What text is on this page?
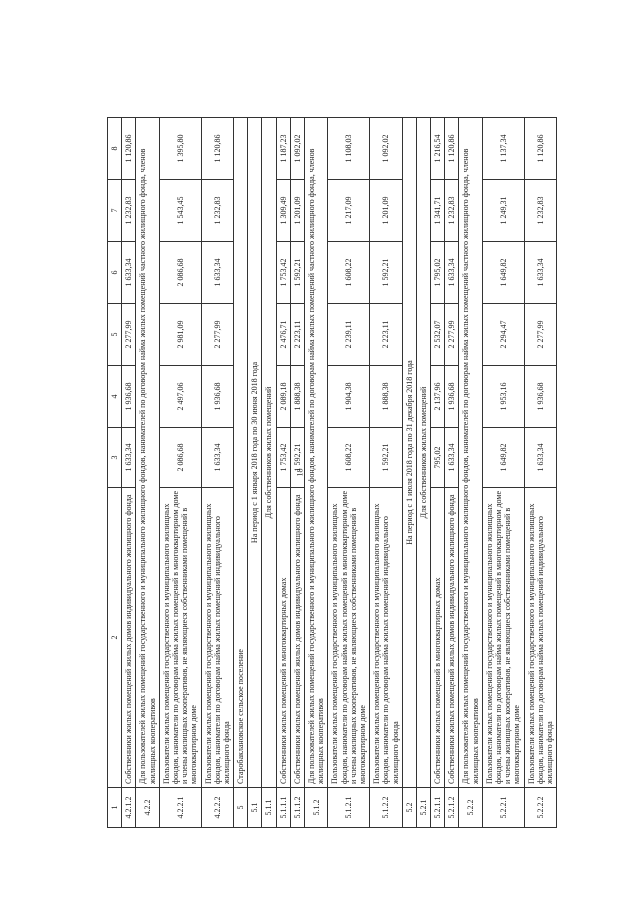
18
1	2	3	4	5	6	7	8
4.2.1.2	Собственники жилых помещений жилых домов индивидуального жилищного фонда	1 633,34	1 936,68	2 277,99	1 633,34	1 232,83	1 120,86
4.2.2	Для пользователей жилых помещений государственного и муниципального жилищного фондов, нанимателей по договорам найма жилых помещений частного жилищного фонда, членов жилищных кооперативов						
4.2.2.1	Пользователи жилых помещений государственного и муниципального жилищных фондов, наниматели по договорам найма жилых помещений в многоквартирном доме и члены жилищных кооперативов, не являющиеся собственниками помещений в многоквартирном доме	2 086,68	2 497,06	2 981,09	2 086,68	1 543,45	1 395,80
4.2.2.2	Пользователи жилых помещений государственного и муниципального жилищных фондов, наниматели по договорам найма жилых помещений индивидуального жилищного фонда	1 633,34	1 936,68	2 277,99	1 633,34	1 232,83	1 120,86
5	Старобаклановское сельское поселение						
5.1	На период с 1 января 2018 года по 30 июня 2018 года						
5.1.1	Для собственников жилых помещений						
5.1.1.1	Собственники жилых помещений в многоквартирных домах	1 753,42	2 089,18	2 476,71	1 753,42	1 309,49	1 187,23
5.1.1.2	Собственники жилых помещений жилых домов индивидуального жилищного фонда	1 592,21	1 888,38	2 223,11	1 592,21	1 201,09	1 092,02
5.1.2	Для пользователей жилых помещений государственного и муниципального жилищного фондов, нанимателей по договорам найма жилых помещений частного жилищного фонда, членов жилищных кооперативов						
5.1.2.1	Пользователи жилых помещений государственного и муниципального жилищных фондов, наниматели по договорам найма жилых помещений в многоквартирном доме и члены жилищных кооперативов, не являющиеся собственниками помещений в многоквартирном доме	1 608,22	1 904,38	2 239,11	1 608,22	1 217,09	1 108,03
5.1.2.2	Пользователи жилых помещений государственного и муниципального жилищных фондов, наниматели по договорам найма жилых помещений индивидуального жилищного фонда	1 592,21	1 888,38	2 223,11	1 592,21	1 201,09	1 092,02
5.2	На период с 1 июля 2018 года по 31 декабря 2018 года						
5.2.1	Для собственников жилых помещений						
5.2.1.1	Собственники жилых помещений в многоквартирных домах	795,02	2 137,96	2 532,07	1 795,02	1 341,71	1 216,54
5.2.1.2	Собственники жилых помещений жилых домов индивидуального жилищного фонда	1 633,34	1 936,68	2 277,99	1 633,34	1 232,83	1 120,86
5.2.2	Для пользователей жилых помещений государственного и муниципального жилищного фондов, нанимателей по договорам найма жилых помещений частного жилищного фонда, членов жилищных кооперативов						
5.2.2.1	Пользователи жилых помещений государственного и муниципального жилищных фондов, наниматели по договорам найма жилых помещений в многоквартирном доме и члены жилищных кооперативов, не являющиеся собственниками помещений в многоквартирном доме	1 649,82	1 953,16	2 294,47	1 649,82	1 249,31	1 137,34
5.2.2.2	Пользователи жилых помещений государственного и муниципального жилищных фондов, наниматели по договорам найма жилых помещений индивидуального жилищного фонда	1 633,34	1 936,68	2 277,99	1 633,34	1 232,83	1 120,86
